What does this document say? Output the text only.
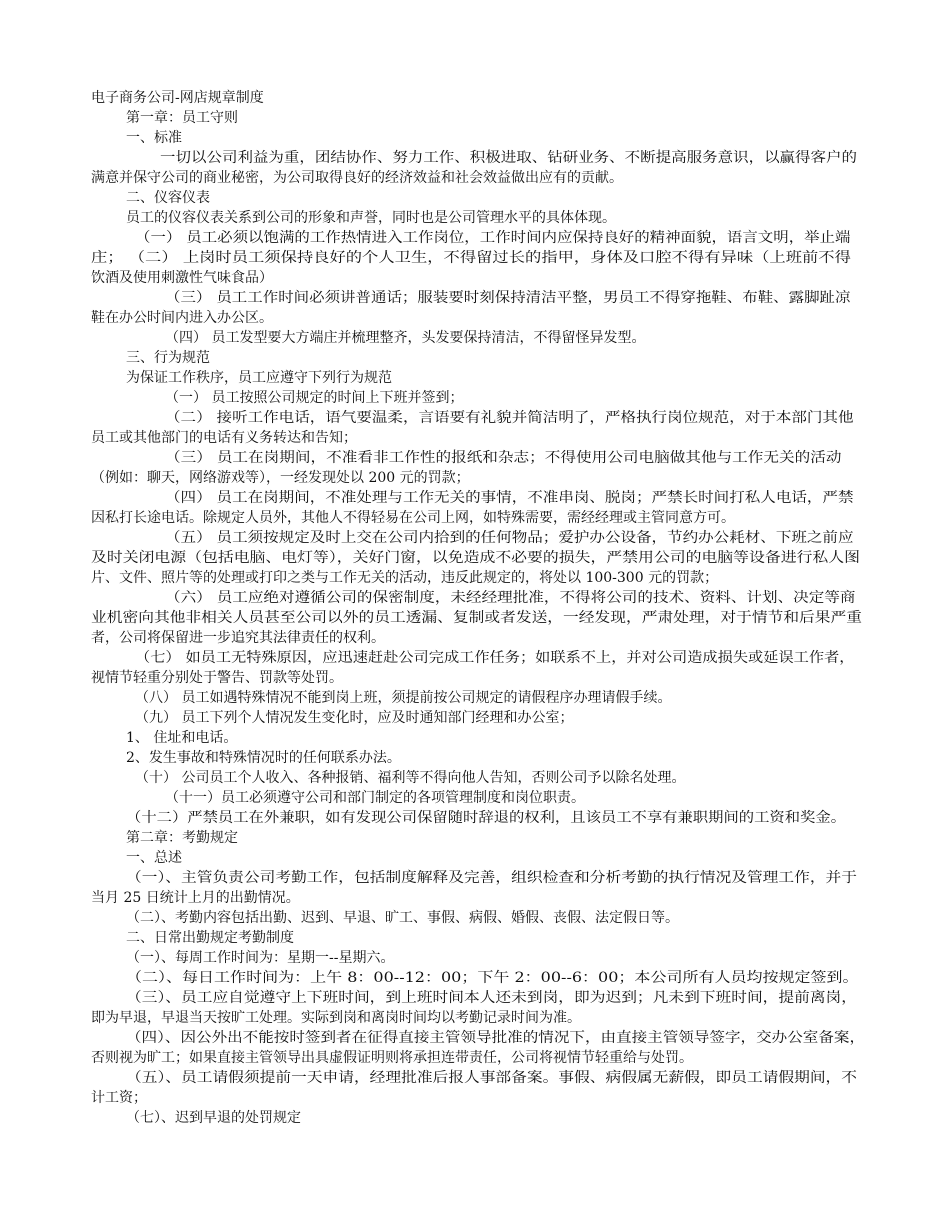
电子商务公司-网店规章制度
第一章：员工守则
一、标准
一切以公司利益为重，团结协作、努力工作、积极进取、钻研业务、不断提高服务意识，以赢得客户的
满意并保守公司的商业秘密，为公司取得良好的经济效益和社会效益做出应有的贡献。
二、仪容仪表
员工的仪容仪表关系到公司的形象和声誉，同时也是公司管理水平的具体体现。
（一） 员工必须以饱满的工作热情进入工作岗位，工作时间内应保持良好的精神面貌，语言文明，举止端
庄； （二） 上岗时员工须保持良好的个人卫生，不得留过长的指甲，身体及口腔不得有异味（上班前不得
饮酒及使用刺激性气味食品）
（三） 员工工作时间必须讲普通话；服装要时刻保持清洁平整，男员工不得穿拖鞋、布鞋、露脚趾凉
鞋在办公时间内进入办公区。
（四） 员工发型要大方端庄并梳理整齐，头发要保持清洁，不得留怪异发型。
三、行为规范
为保证工作秩序，员工应遵守下列行为规范
（一） 员工按照公司规定的时间上下班并签到；
（二） 接听工作电话，语气要温柔，言语要有礼貌并简洁明了，严格执行岗位规范，对于本部门其他
员工或其他部门的电话有义务转达和告知；
（三） 员工在岗期间，不准看非工作性的报纸和杂志；不得使用公司电脑做其他与工作无关的活动
（例如：聊天，网络游戏等），一经发现处以 200 元的罚款；
（四） 员工在岗期间，不准处理与工作无关的事情，不准串岗、脱岗；严禁长时间打私人电话，严禁
因私打长途电话。除规定人员外，其他人不得轻易在公司上网，如特殊需要，需经经理或主管同意方可。
（五） 员工须按规定及时上交在公司内拾到的任何物品；爱护办公设备，节约办公耗材、下班之前应
及时关闭电源（包括电脑、电灯等），关好门窗，以免造成不必要的损失，严禁用公司的电脑等设备进行私人图
片、文件、照片等的处理或打印之类与工作无关的活动，违反此规定的，将处以 100-300 元的罚款；
（六） 员工应绝对遵循公司的保密制度，未经经理批准，不得将公司的技术、资料、计划、决定等商
业机密向其他非相关人员甚至公司以外的员工透漏、复制或者发送，一经发现，严肃处理，对于情节和后果严重
者，公司将保留进一步追究其法律责任的权利。
（七） 如员工无特殊原因，应迅速赶赴公司完成工作任务；如联系不上，并对公司造成损失或延误工作者，
视情节轻重分别处于警告、罚款等处罚。
（八） 员工如遇特殊情况不能到岗上班，须提前按公司规定的请假程序办理请假手续。
（九） 员工下列个人情况发生变化时，应及时通知部门经理和办公室；
1、 住址和电话。
2、发生事故和特殊情况时的任何联系办法。
（十） 公司员工个人收入、各种报销、福利等不得向他人告知，否则公司予以除名处理。
（十一）员工必须遵守公司和部门制定的各项管理制度和岗位职责。
（十二）严禁员工在外兼职，如有发现公司保留随时辞退的权利，且该员工不享有兼职期间的工资和奖金。
第二章：考勤规定
一、总述
（一）、主管负责公司考勤工作，包括制度解释及完善，组织检查和分析考勤的执行情况及管理工作，并于
当月 25 日统计上月的出勤情况。
（二）、考勤内容包括出勤、迟到、早退、旷工、事假、病假、婚假、丧假、法定假日等。
二、日常出勤规定考勤制度
（一）、每周工作时间为：星期一--星期六。
（二）、每日工作时间为：上午 8：00--12：00；下午 2：00--6：00；本公司所有人员均按规定签到。
（三）、员工应自觉遵守上下班时间，到上班时间本人还未到岗，即为迟到；凡未到下班时间，提前离岗，
即为早退，早退当天按旷工处理。实际到岗和离岗时间均以考勤记录时间为准。
（四）、因公外出不能按时签到者在征得直接主管领导批准的情况下，由直接主管领导签字，交办公室备案，
否则视为旷工；如果直接主管领导出具虚假证明则将承担连带责任，公司将视情节轻重给与处罚。
（五）、员工请假须提前一天申请，经理批准后报人事部备案。事假、病假属无薪假，即员工请假期间，不
计工资；
（七）、迟到早退的处罚规定
